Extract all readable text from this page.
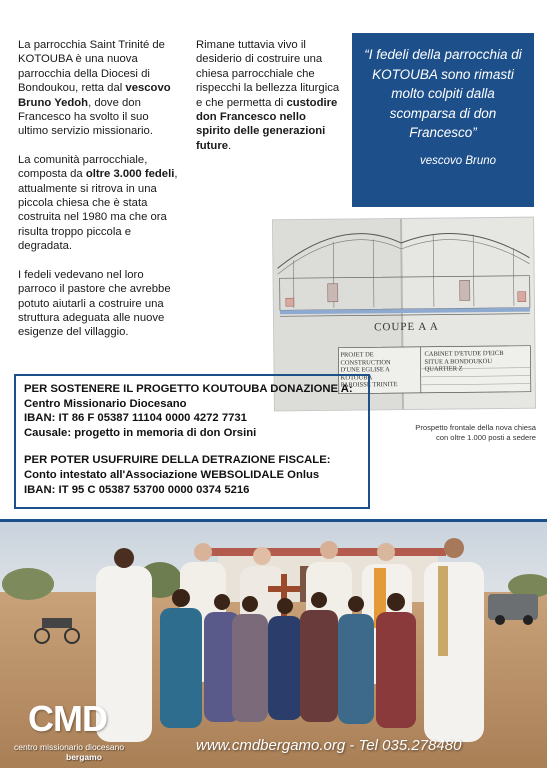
La parrocchia Saint Trinité de KOTOUBA è una nuova parrocchia della Diocesi di Bondoukou, retta dal vescovo Bruno Yedoh, dove don Francesco ha svolto il suo ultimo servizio missionario.

La comunità parrocchiale, composta da oltre 3.000 fedeli, attualmente si ritrova in una piccola chiesa che è stata costruita nel 1980 ma che ora risulta troppo piccola e degradata.

I fedeli vedevano nel loro parroco il pastore che avrebbe potuto aiutarli a costruire una struttura adeguata alle nuove esigenze del villaggio.

Rimane tuttavia vivo il desiderio di costruire una chiesa parrocchiale che rispecchi la bellezza liturgica e che permetta di custodire don Francesco nello spirito delle generazioni future.

“I fedeli della parrocchia di KOTOUBA sono rimasti molto colpiti dalla scomparsa di don Francesco”
vescovo Bruno
COUPE A A
PROJET DE CONSTRUCTION D'UNE EGLISE A KOTOUBA PAROISSE TRINITE
CABINET D'ETUDE D'EICB SITUE A BONDOUKOU QUARTIER Z
Prospetto frontale della nova chiesa
con oltre 1.000 posti a sedere
PER SOSTENERE IL PROGETTO KOUTOUBA DONAZIONE A:
Centro Missionario Diocesano
IBAN: IT 86 F 05387 11104 0000 4272 7731
Causale: progetto in memoria di don Orsini
PER POTER USUFRUIRE DELLA DETRAZIONE FISCALE:
Conto intestato all'Associazione WEBSOLIDALE Onlus
IBAN: IT 95 C 05387 53700 0000 0374 5216
CMD
centro missionario diocesano
bergamo
www.cmdbergamo.org - Tel 035.278480
